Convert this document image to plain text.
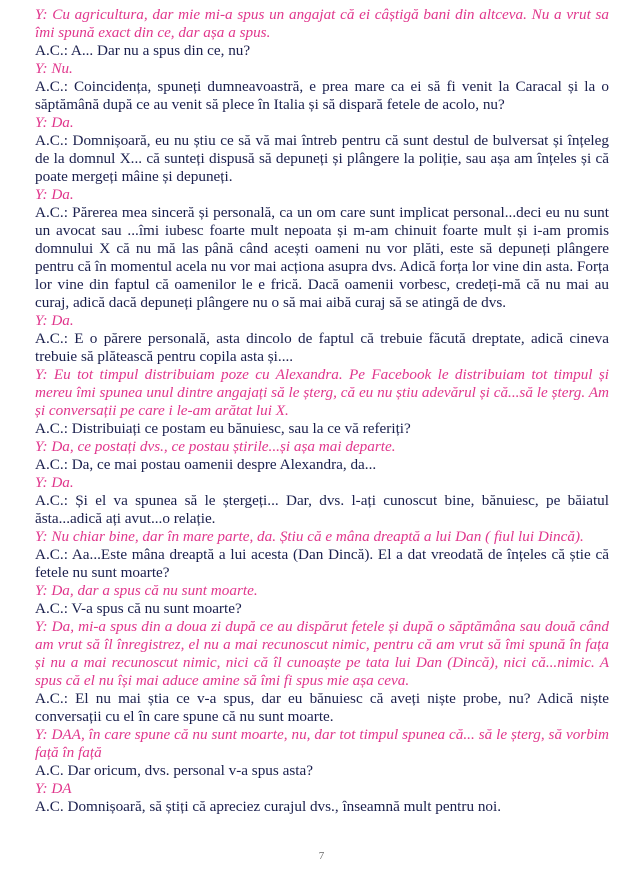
Y: Cu agricultura, dar mie mi-a spus un angajat că ei câștigă bani din altceva. Nu a vrut sa îmi spună exact din ce, dar așa a spus.

A.C.: A... Dar nu a spus din ce, nu?

Y: Nu.

A.C.: Coincidența, spuneți dumneavoastră, e prea mare ca ei să fi venit la Caracal și la o săptămână după ce au venit să plece în Italia și să dispară fetele de acolo, nu?

Y: Da.

A.C.: Domnișoară, eu nu știu ce să vă mai întreb pentru că sunt destul de bulversat și înțeleg de la domnul X... că sunteți dispusă să depuneți și plângere la poliție, sau așa am înțeles și că poate mergeți mâine și depuneți.

Y: Da.

A.C.: Părerea mea sinceră și personală, ca un om care sunt implicat personal...deci eu nu sunt un avocat sau ...îmi iubesc foarte mult nepoata și m-am chinuit foarte mult și i-am promis domnului X că nu mă las până când acești oameni nu vor plăti, este să depuneți plângere pentru că în momentul acela nu vor mai acționa asupra dvs. Adică forța lor vine din asta. Forța lor vine din faptul că oamenilor le e frică. Dacă oamenii vorbesc, credeți-mă că nu mai au curaj, adică dacă depuneți plângere nu o să mai aibă curaj să se atingă de dvs.

Y: Da.

A.C.: E o părere personală, asta dincolo de faptul că trebuie făcută dreptate, adică cineva trebuie să plătească pentru copila asta și....

Y: Eu tot timpul distribuiam poze cu Alexandra. Pe Facebook le distribuiam tot timpul și mereu îmi spunea unul dintre angajați să le șterg, că eu nu știu adevărul și că...să le șterg. Am și conversații pe care i le-am arătat lui X.

A.C.: Distribuiați ce postam eu bănuiesc, sau la ce vă referiți?

Y: Da, ce postați dvs., ce postau știrile...și așa mai departe.

A.C.: Da, ce mai postau oamenii despre Alexandra, da...

Y: Da.

A.C.: Și el va spunea să le ștergeți... Dar, dvs. l-ați cunoscut bine, bănuiesc, pe băiatul ăsta...adică ați avut...o relație.

Y: Nu chiar bine, dar în mare parte, da. Știu că e mâna dreaptă a lui Dan ( fiul lui Dincă).

A.C.: Aa...Este mâna dreaptă a lui acesta (Dan Dincă). El a dat vreodată de înțeles că știe că fetele nu sunt moarte?

Y: Da, dar a spus că nu sunt moarte.

A.C.: V-a spus că nu sunt moarte?

Y: Da, mi-a spus din a doua zi după ce au dispărut fetele și după o săptămâna sau două când am vrut să îl înregistrez, el nu a mai recunoscut nimic, pentru că am vrut să îmi spună în fața și nu a mai recunoscut nimic, nici că îl cunoaște pe tata lui Dan (Dincă), nici că...nimic. A spus că el nu își mai aduce amine să îmi fi spus mie așa ceva.

A.C.: El nu mai știa ce v-a spus, dar eu bănuiesc că aveți niște probe, nu? Adică niște conversații cu el în care spune că nu sunt moarte.

Y: DAA, în care spune că nu sunt moarte, nu, dar tot timpul spunea că... să le șterg, să vorbim față în față

A.C. Dar oricum, dvs. personal v-a spus asta?

Y: DA

A.C. Domnișoară, să știți că apreciez curajul dvs., înseamnă mult pentru noi.

7
